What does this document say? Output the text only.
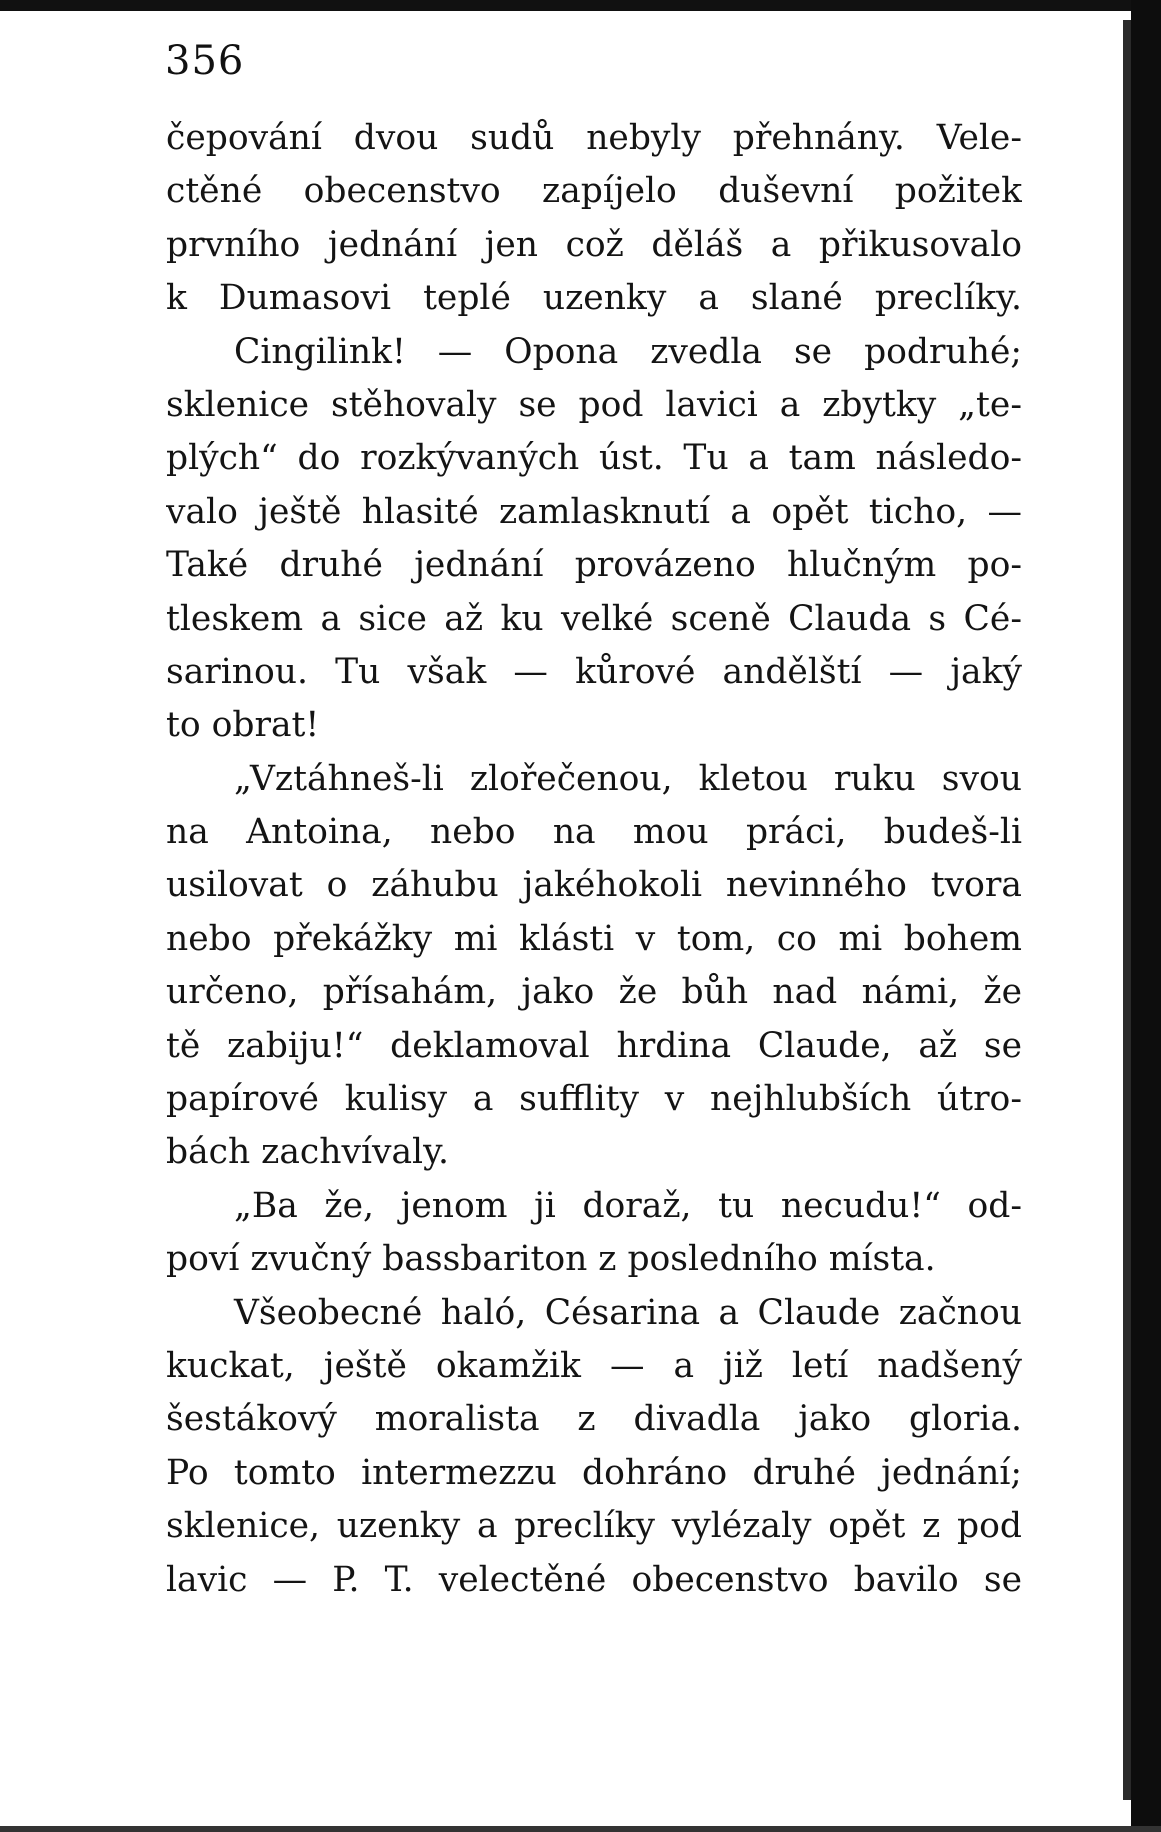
356
čepování dvou sudů nebyly přehnány. Vele-
ctěné obecenstvo zapíjelo duševní požitek
prvního jednání jen což děláš a přikusovalo
k Dumasovi teplé uzenky a slané preclíky.
Cingilink! — Opona zvedla se podruhé;
sklenice stěhovaly se pod lavici a zbytky „te-
plých“ do rozkývaných úst. Tu a tam následo-
valo ještě hlasité zamlasknutí a opět ticho, —
Také druhé jednání provázeno hlučným po-
tleskem a sice až ku velké sceně Clauda s Cé-
sarinou. Tu však — kůrové andělští — jaký
to obrat!
„Vztáhneš-li zlořečenou, kletou ruku svou
na Antoina, nebo na mou práci, budeš-li
usilovat o záhubu jakéhokoli nevinného tvora
nebo překážky mi klásti v tom, co mi bohem
určeno, přísahám, jako že bůh nad námi, že
tě zabiju!“ deklamoval hrdina Claude, až se
papírové kulisy a sufflity v nejhlubších útro-
bách zachvívaly.
„Ba že, jenom ji doraž, tu necudu!“ od-
poví zvučný bassbariton z posledního místa.
Všeobecné haló, Césarina a Claude začnou
kuckat, ještě okamžik — a již letí nadšený
šestákový moralista z divadla jako gloria.
Po tomto intermezzu dohráno druhé jednání;
sklenice, uzenky a preclíky vylézaly opět z pod
lavic — P. T. velectěné obecenstvo bavilo se
